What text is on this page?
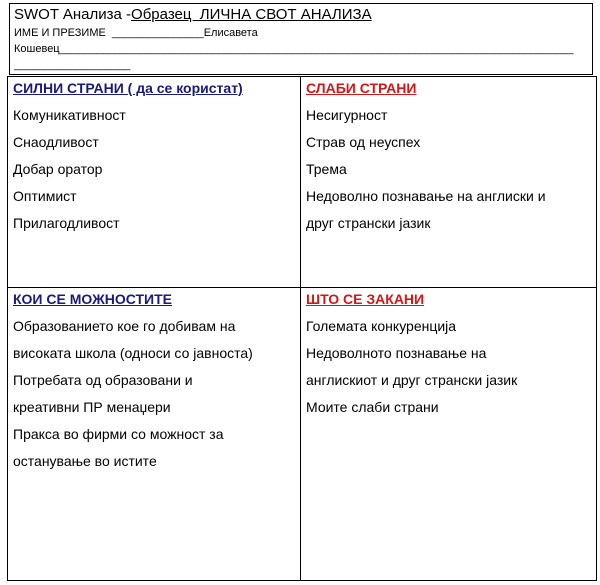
SWOT Анализа -Образец  ЛИЧНА СВОТ АНАЛИЗА
ИМЕ И ПРЕЗИМЕ  _______________Елисавета
Кошевец____________________________________________________________________________________
___________________
СИЛНИ СТРАНИ ( да се користат)
Комуникативност
Снаодливост
Добар оратор
Оптимист
Прилагодливост
СЛАБИ СТРАНИ
Несигурност
Страв од неуспех
Трема
Недоволно познавање на англиски и
друг странски јазик
КОИ СЕ МОЖНОСТИТЕ
Образованието кое го добивам на
високата школа (односи со јавноста)
Потребата од образовани и
креативни ПР менаџери
Пракса во фирми со можност за
останување во истите
ШТО СЕ ЗАКАНИ
Големата конкуренција
Недоволното познавање на
англискиот и друг странски јазик
Моите слаби страни
